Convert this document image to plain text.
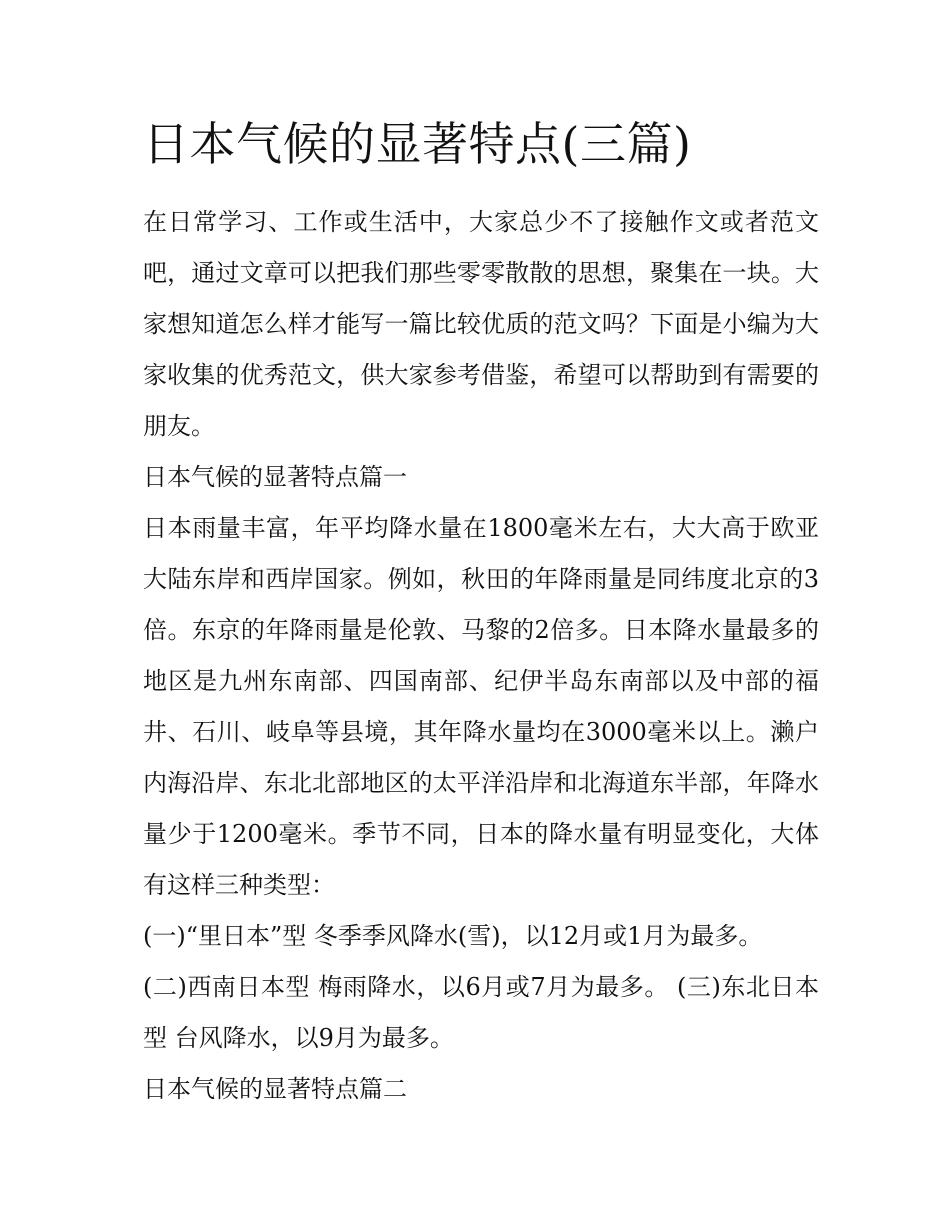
日本气候的显著特点(三篇)

在日常学习、工作或生活中，大家总少不了接触作文或者范文吧，通过文章可以把我们那些零零散散的思想，聚集在一块。大家想知道怎么样才能写一篇比较优质的范文吗？下面是小编为大家收集的优秀范文，供大家参考借鉴，希望可以帮助到有需要的朋友。

日本气候的显著特点篇一

日本雨量丰富，年平均降水量在1800毫米左右，大大高于欧亚大陆东岸和西岸国家。例如，秋田的年降雨量是同纬度北京的3倍。东京的年降雨量是伦敦、马黎的2倍多。日本降水量最多的地区是九州东南部、四国南部、纪伊半岛东南部以及中部的福井、石川、岐阜等县境，其年降水量均在3000毫米以上。濑户内海沿岸、东北北部地区的太平洋沿岸和北海道东半部，年降水量少于1200毫米。季节不同，日本的降水量有明显变化，大体有这样三种类型：

(一)“里日本”型 冬季季风降水(雪)，以12月或1月为最多。

(二)西南日本型 梅雨降水，以6月或7月为最多。 (三)东北日本型 台风降水，以9月为最多。

日本气候的显著特点篇二
